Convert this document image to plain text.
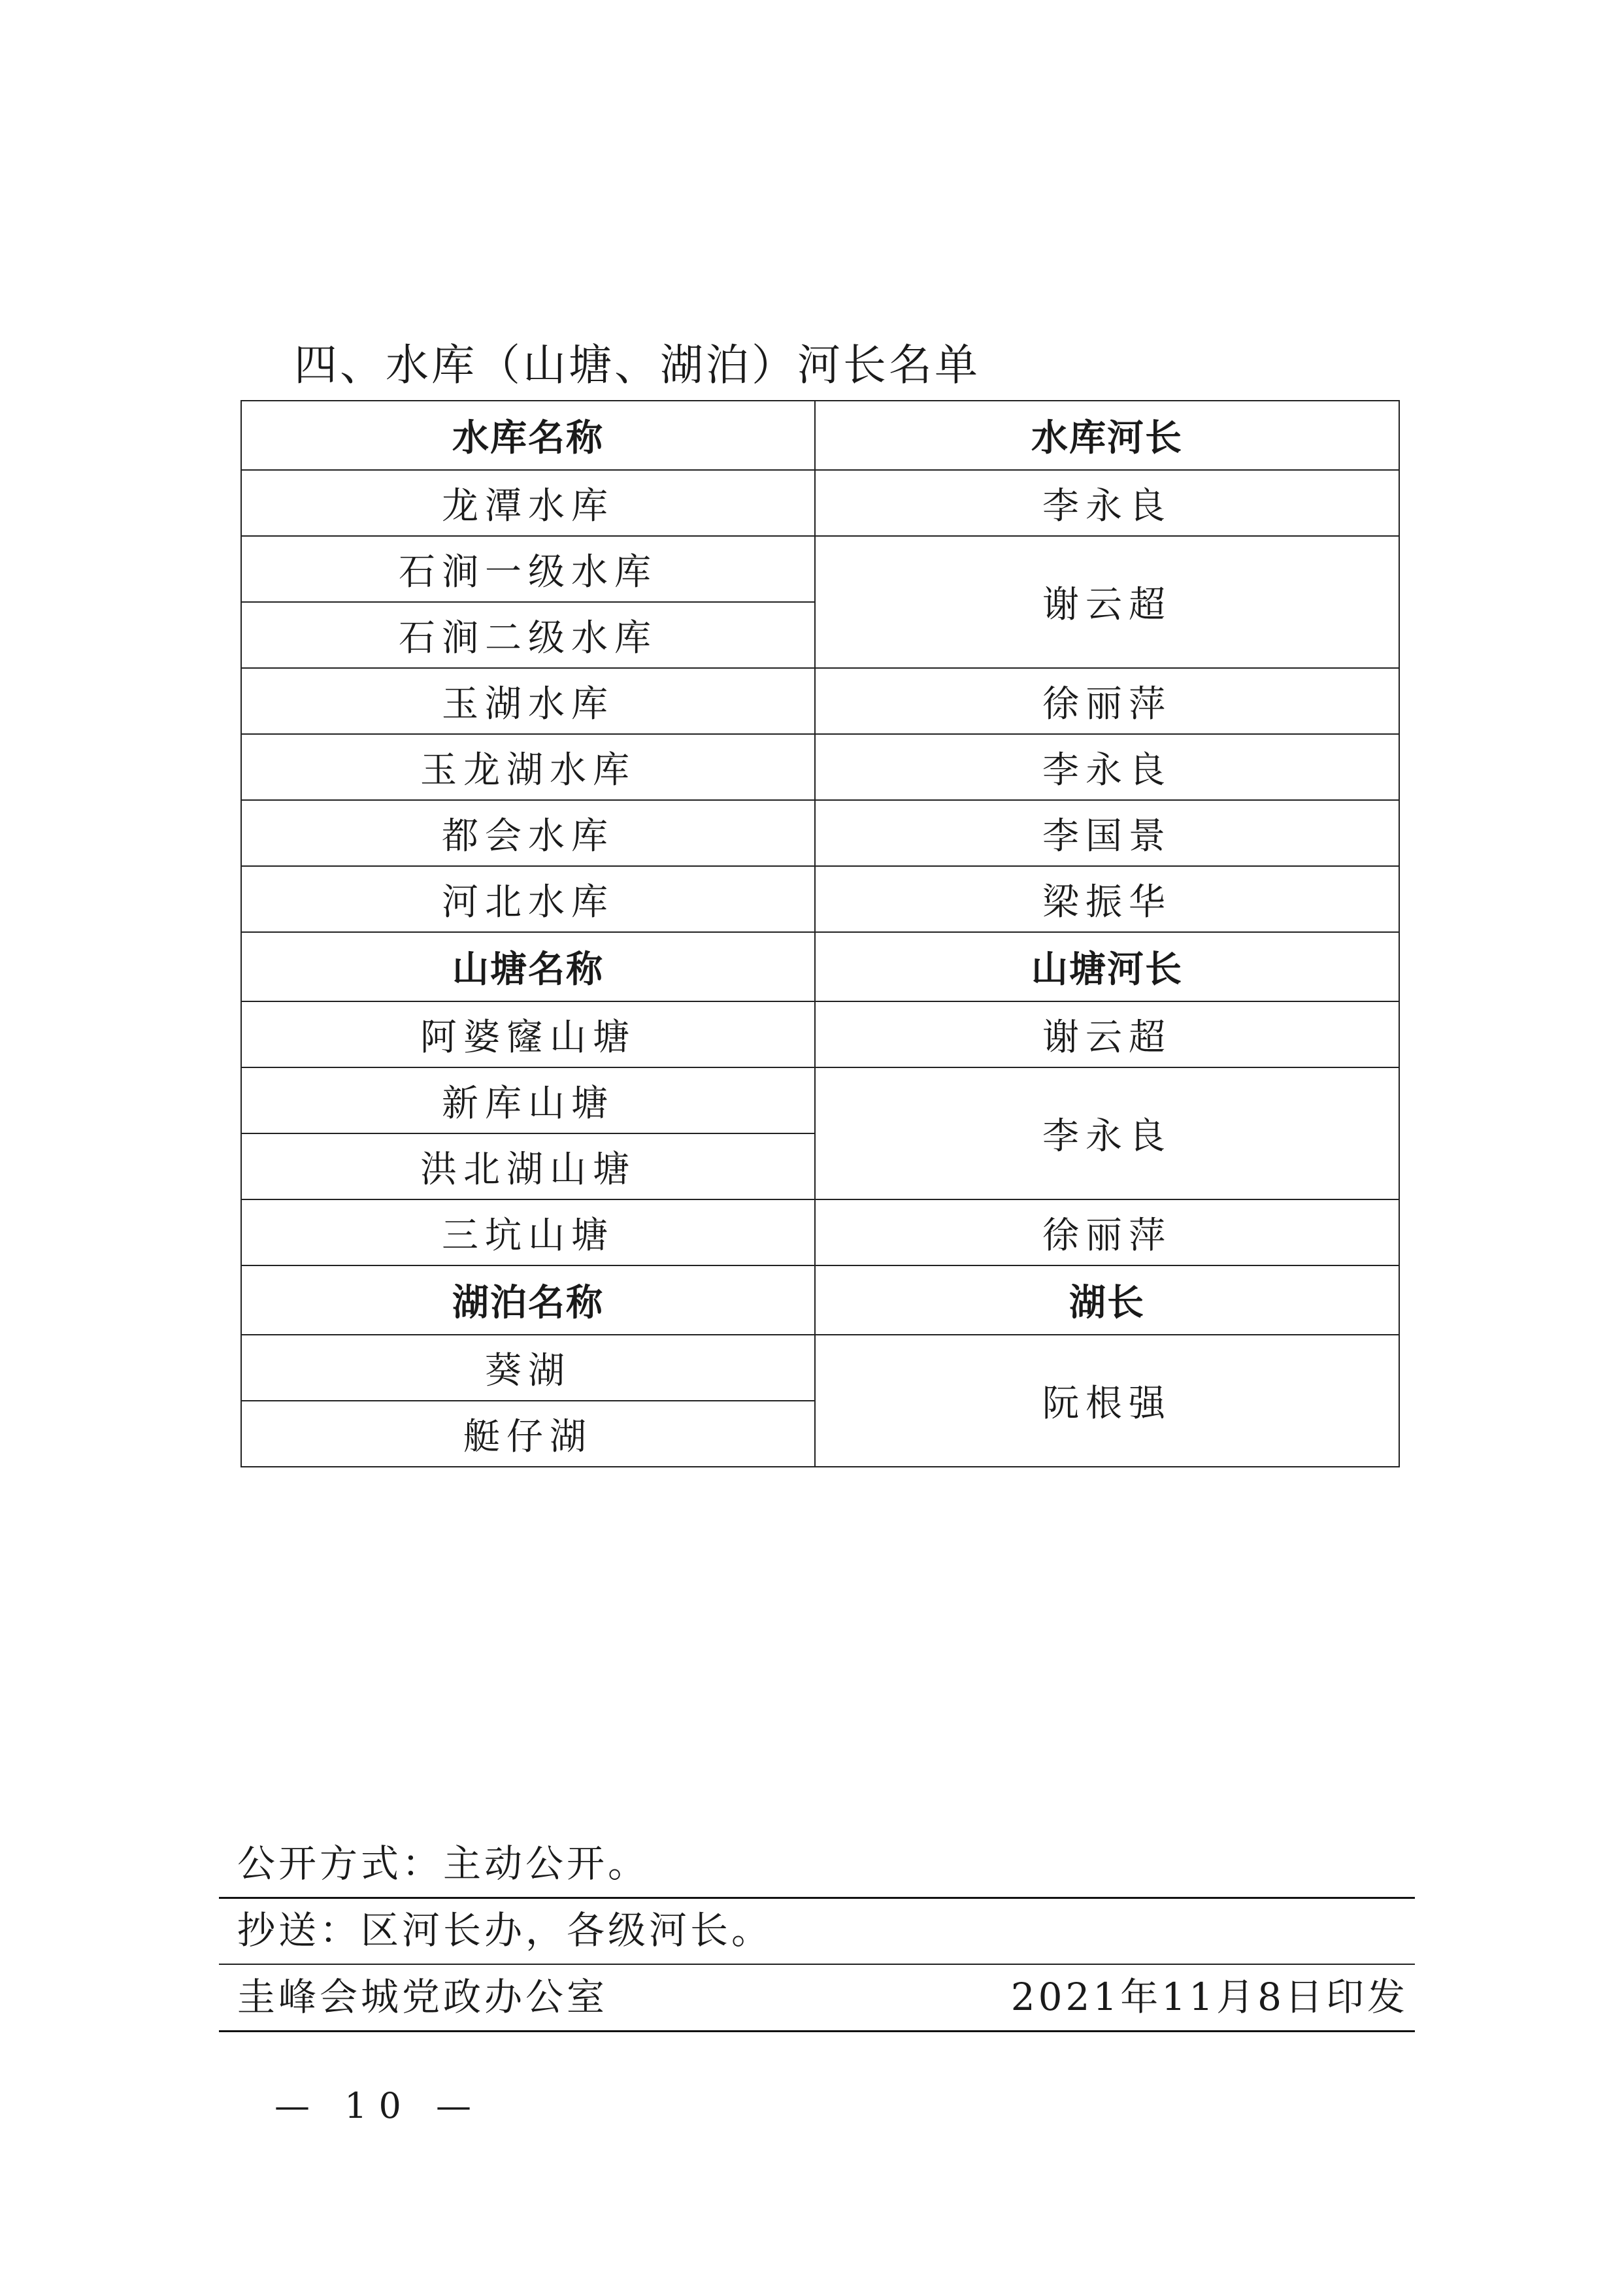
四、水库（山塘、湖泊）河长名单
水库名称	水库河长
龙潭水库	李永良
石涧一级水库	谢云超
石涧二级水库	
玉湖水库	徐丽萍
玉龙湖水库	李永良
都会水库	李国景
河北水库	梁振华
山塘名称	山塘河长
阿婆窿山塘	谢云超
新库山塘	李永良
洪北湖山塘	
三坑山塘	徐丽萍
湖泊名称	湖长
葵湖	阮根强
艇仔湖	
公开方式：主动公开。
抄送：区河长办，各级河长。
圭峰会城党政办公室	2021年11月8日印发
— 10 —
